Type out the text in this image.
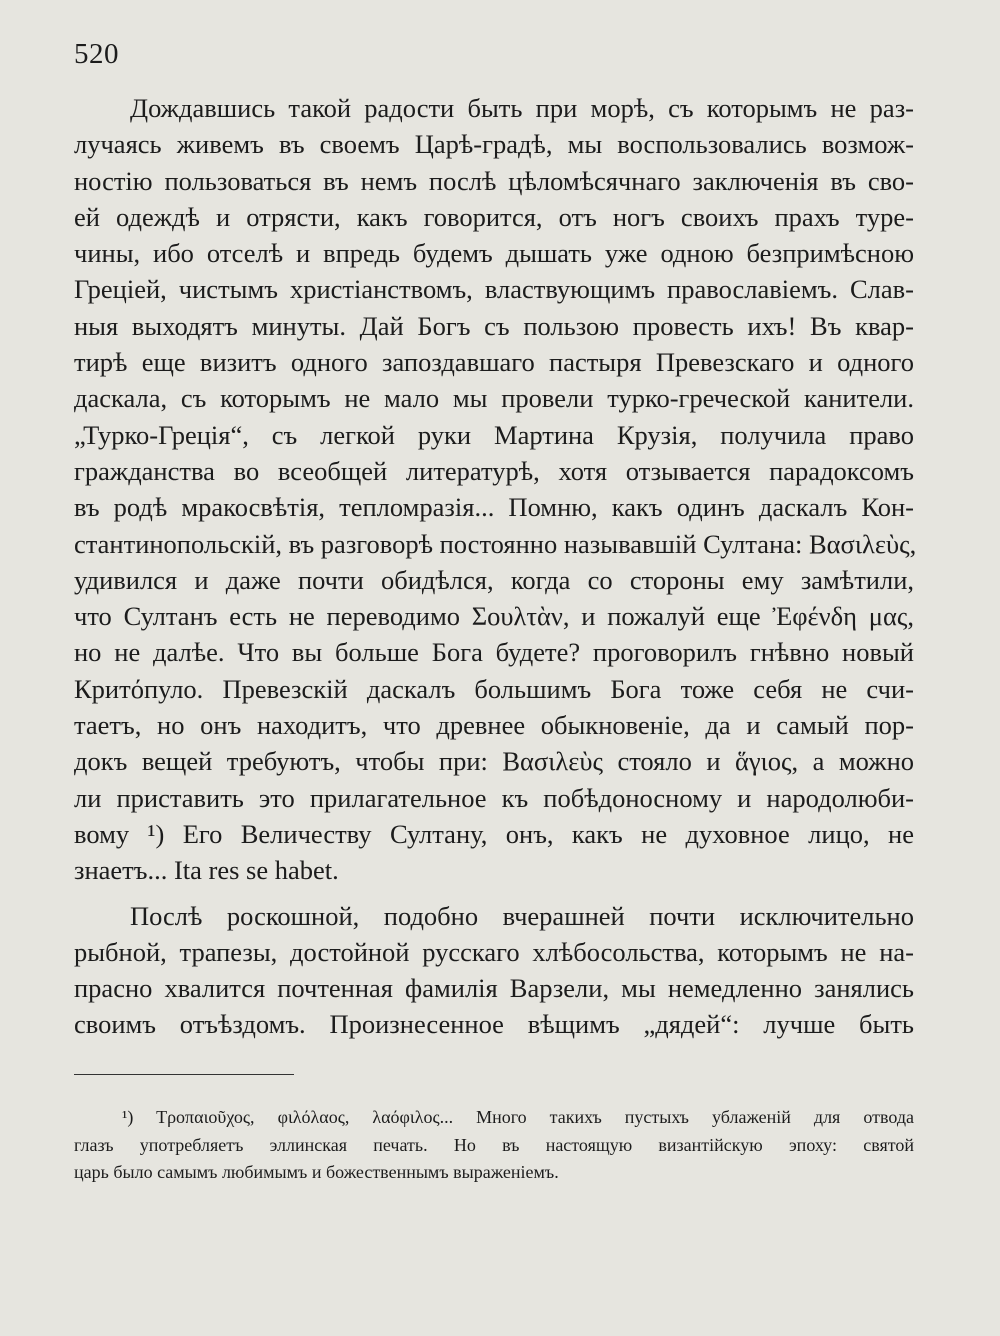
520
Дождавшись такой радости быть при морѣ, съ которымъ не раз-
лучаясь живемъ въ своемъ Царѣ-градѣ, мы воспользовались возмож-
ностію пользоваться въ немъ послѣ цѣломѣсячнаго заключенія въ сво-
ей одеждѣ и отрясти, какъ говорится, отъ ногъ своихъ прахъ туре-
чины, ибо отселѣ и впредь будемъ дышать уже одною безпримѣсною
Греціей, чистымъ христіанствомъ, властвующимъ православіемъ. Слав-
ныя выходятъ минуты. Дай Богъ съ пользою провесть ихъ! Въ квар-
тирѣ еще визитъ одного запоздавшаго пастыря Превезскаго и одного
даскала, съ которымъ не мало мы провели турко-греческой канители.
„Турко-Греція“, съ легкой руки Мартина Крузія, получила право
гражданства во всеобщей литературѣ, хотя отзывается парадоксомъ
въ родѣ мракосвѣтія, тепломразія... Помню, какъ одинъ даскалъ Кон-
стантинопольскій, въ разговорѣ постоянно называвшій Султана: Βασιλεὺς,
удивился и даже почти обидѣлся, когда со стороны ему замѣтили,
что Султанъ есть не переводимо Σουλτὰν, и пожалуй еще Ἐφένδη μας,
но не далѣе. Что вы больше Бога будете? проговорилъ гнѣвно новый
Критόпуло. Превезскій даскалъ большимъ Бога тоже себя не счи-
таетъ, но онъ находитъ, что древнее обыкновеніе, да и самый пор-
докъ вещей требуютъ, чтобы при: Βασιλεὺς стояло и ἅγιος, а можно
ли приставить это прилагательное къ побѣдоносному и народолюби-
вому ¹) Его Величеству Султану, онъ, какъ не духовное лицо, не
знаетъ... Ita res se habet.
Послѣ роскошной, подобно вчерашней почти исключительно
рыбной, трапезы, достойной русскаго хлѣбосольства, которымъ не на-
прасно хвалится почтенная фамилія Варзели, мы немедленно занялись
своимъ отъѣздомъ. Произнесенное вѣщимъ „дядей“: лучше быть
¹) Τροπαιοῦχος, φιλόλαος, λαόφιλος... Много такихъ пустыхъ ублаженій для отвода
глазъ употребляетъ эллинская печать. Но въ настоящую византійскую эпоху: святой
царь было самымъ любимымъ и божественнымъ выраженіемъ.
